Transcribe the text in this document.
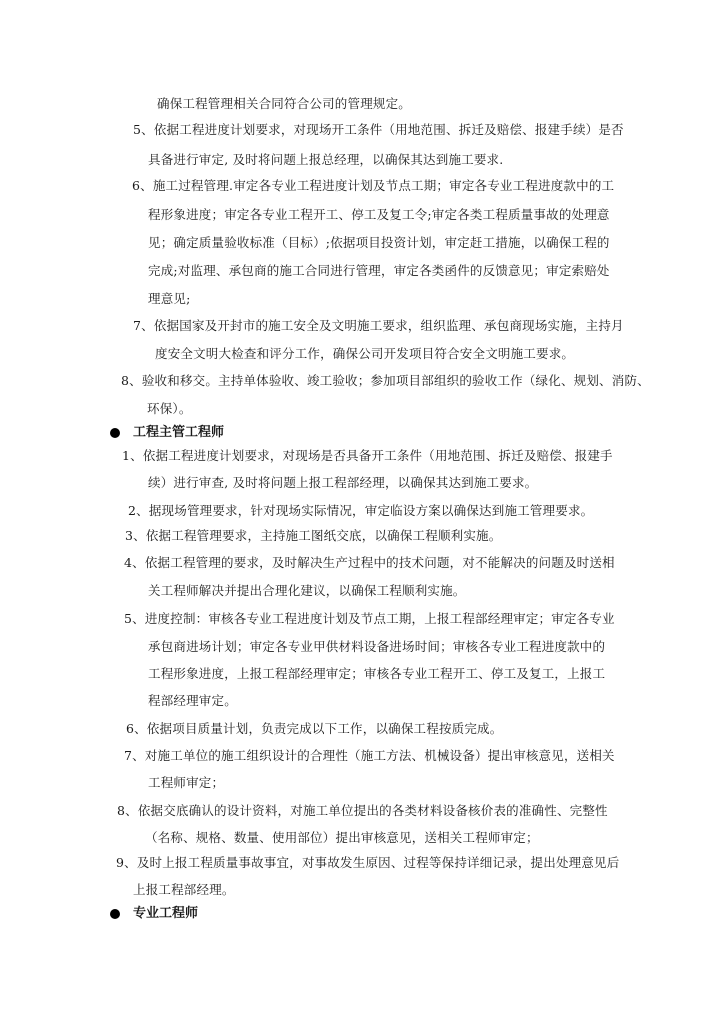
确保工程管理相关合同符合公司的管理规定。
5、依据工程进度计划要求，对现场开工条件（用地范围、拆迁及赔偿、报建手续）是否
具备进行审定, 及时将问题上报总经理，以确保其达到施工要求.
6、施工过程管理.审定各专业工程进度计划及节点工期；审定各专业工程进度款中的工
程形象进度；审定各专业工程开工、停工及复工令;审定各类工程质量事故的处理意
见；确定质量验收标准（目标）;依据项目投资计划，审定赶工措施，以确保工程的
完成;对监理、承包商的施工合同进行管理，审定各类函件的反馈意见；审定索赔处
理意见;
7、依据国家及开封市的施工安全及文明施工要求，组织监理、承包商现场实施，主持月
度安全文明大检查和评分工作，确保公司开发项目符合安全文明施工要求。
8、验收和移交。主持单体验收、竣工验收；参加项目部组织的验收工作（绿化、规划、消防、
环保）。
工程主管工程师
1、依据工程进度计划要求，对现场是否具备开工条件（用地范围、拆迁及赔偿、报建手
续）进行审查, 及时将问题上报工程部经理，以确保其达到施工要求。
2、据现场管理要求，针对现场实际情况，审定临设方案以确保达到施工管理要求。
3、依据工程管理要求，主持施工图纸交底，以确保工程顺利实施。
4、依据工程管理的要求，及时解决生产过程中的技术问题，对不能解决的问题及时送相
关工程师解决并提出合理化建议，以确保工程顺利实施。
5、进度控制：审核各专业工程进度计划及节点工期，上报工程部经理审定；审定各专业
承包商进场计划；审定各专业甲供材料设备进场时间；审核各专业工程进度款中的
工程形象进度，上报工程部经理审定；审核各专业工程开工、停工及复工，上报工
程部经理审定。
6、依据项目质量计划，负责完成以下工作，以确保工程按质完成。
7、对施工单位的施工组织设计的合理性（施工方法、机械设备）提出审核意见，送相关
工程师审定；
8、依据交底确认的设计资料，对施工单位提出的各类材料设备核价表的准确性、完整性
（名称、规格、数量、使用部位）提出审核意见，送相关工程师审定；
9、及时上报工程质量事故事宜，对事故发生原因、过程等保持详细记录，提出处理意见后
上报工程部经理。
专业工程师
